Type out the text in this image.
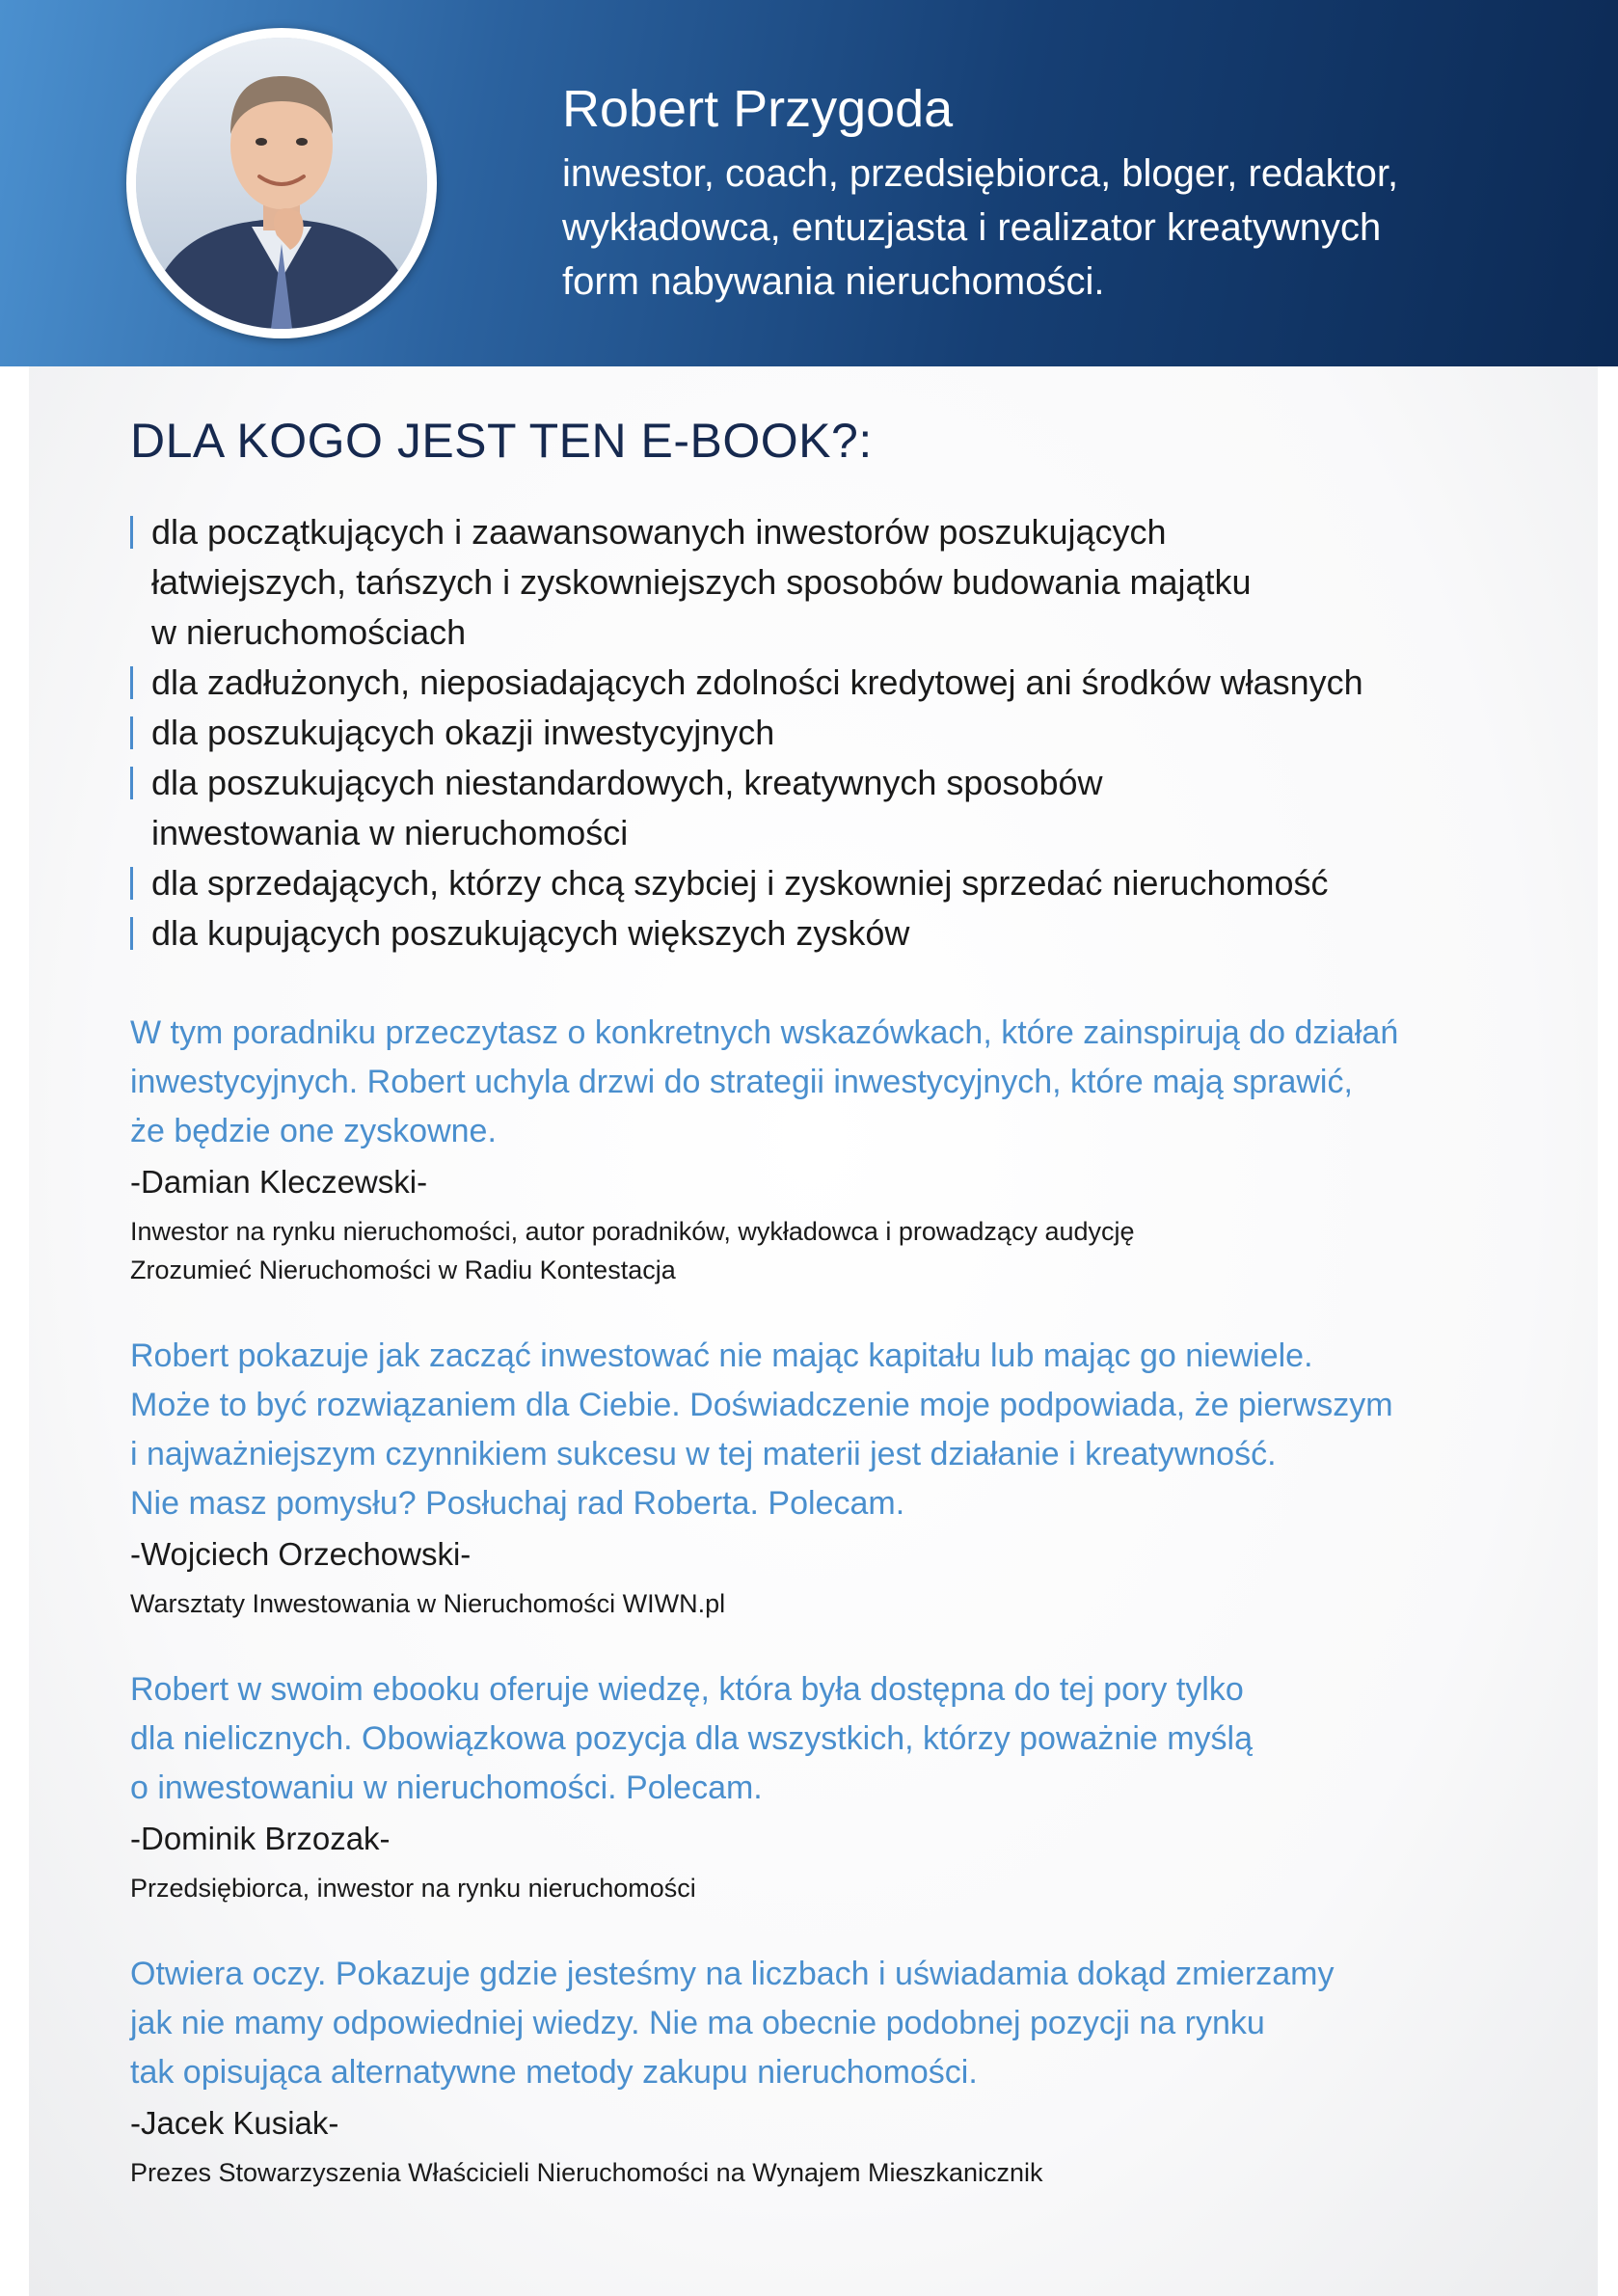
Robert Przygoda

inwestor, coach, przedsiębiorca, bloger, redaktor,
wykładowca, entuzjasta i realizator kreatywnych
form nabywania nieruchomości.

DLA KOGO JEST TEN E-BOOK?:
dla początkujących i zaawansowanych inwestorów poszukujących
łatwiejszych, tańszych i zyskowniejszych sposobów budowania majątku
w nieruchomościach
dla zadłużonych, nieposiadających zdolności kredytowej ani środków własnych
dla poszukujących okazji inwestycyjnych
dla poszukujących niestandardowych, kreatywnych sposobów
inwestowania w nieruchomości
dla sprzedających, którzy chcą szybciej i zyskowniej sprzedać nieruchomość
dla kupujących poszukujących większych zysków

W tym poradniku przeczytasz o konkretnych wskazówkach, które zainspirują do działań
inwestycyjnych. Robert uchyla drzwi do strategii inwestycyjnych, które mają sprawić,
że będzie one zyskowne.

-Damian Kleczewski-

Inwestor na rynku nieruchomości, autor poradników, wykładowca i prowadzący audycję
Zrozumieć Nieruchomości w Radiu Kontestacja

Robert pokazuje jak zacząć inwestować nie mając kapitału lub mając go niewiele.
Może to być rozwiązaniem dla Ciebie. Doświadczenie moje podpowiada, że pierwszym
i najważniejszym czynnikiem sukcesu w tej materii jest działanie i kreatywność.
Nie masz pomysłu? Posłuchaj rad Roberta. Polecam.

-Wojciech Orzechowski-

Warsztaty Inwestowania w Nieruchomości WIWN.pl

Robert w swoim ebooku oferuje wiedzę, która była dostępna do tej pory tylko
dla nielicznych. Obowiązkowa pozycja dla wszystkich, którzy poważnie myślą
o inwestowaniu w nieruchomości. Polecam.

-Dominik Brzozak-

Przedsiębiorca, inwestor na rynku nieruchomości

Otwiera oczy. Pokazuje gdzie jesteśmy na liczbach i uświadamia dokąd zmierzamy
jak nie mamy odpowiedniej wiedzy. Nie ma obecnie podobnej pozycji na rynku
tak opisująca alternatywne metody zakupu nieruchomości.

-Jacek Kusiak-

Prezes Stowarzyszenia Właścicieli Nieruchomości na Wynajem Mieszkanicznik
